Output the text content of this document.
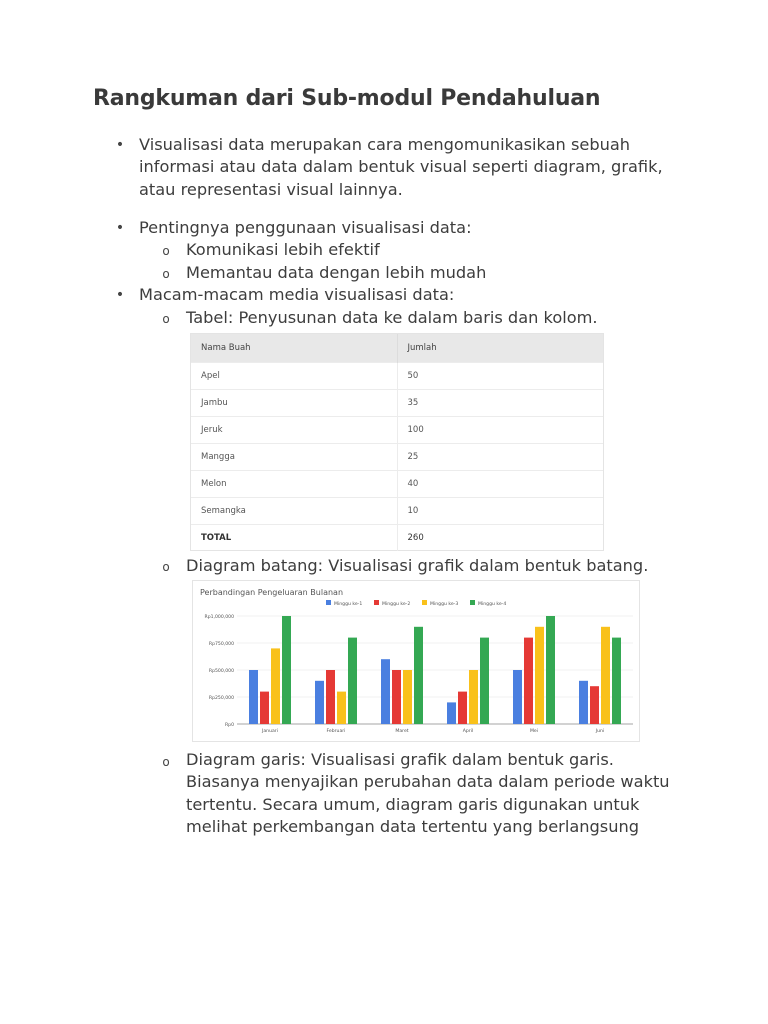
Rangkuman dari Sub-modul Pendahuluan
• Visualisasi data merupakan cara mengomunikasikan sebuah
informasi atau data dalam bentuk visual seperti diagram, grafik,
atau representasi visual lainnya.

• Pentingnya penggunaan visualisasi data:

o Komunikasi lebih efektif

o Memantau data dengan lebih mudah

• Macam-macam media visualisasi data:

o Tabel: Penyusunan data ke dalam baris dan kolom.

Nama Buah	Jumlah
Apel	50
Jambu	35
Jeruk	100
Mangga	25
Melon	40
Semangka	10
TOTAL	260
o Diagram batang: Visualisasi grafik dalam bentuk batang.

Perbandingan Pengeluaran Bulanan
Minggu ke-1	Minggu ke-2	Minggu ke-3	Minggu ke-4
Rp0
Rp250,000
Rp500,000
Rp750,000
Rp1,000,000
Januari	Februari	Maret	April	Mei	Juni
o Diagram garis: Visualisasi grafik dalam bentuk garis.
Biasanya menyajikan perubahan data dalam periode waktu
tertentu. Secara umum, diagram garis digunakan untuk
melihat perkembangan data tertentu yang berlangsung
